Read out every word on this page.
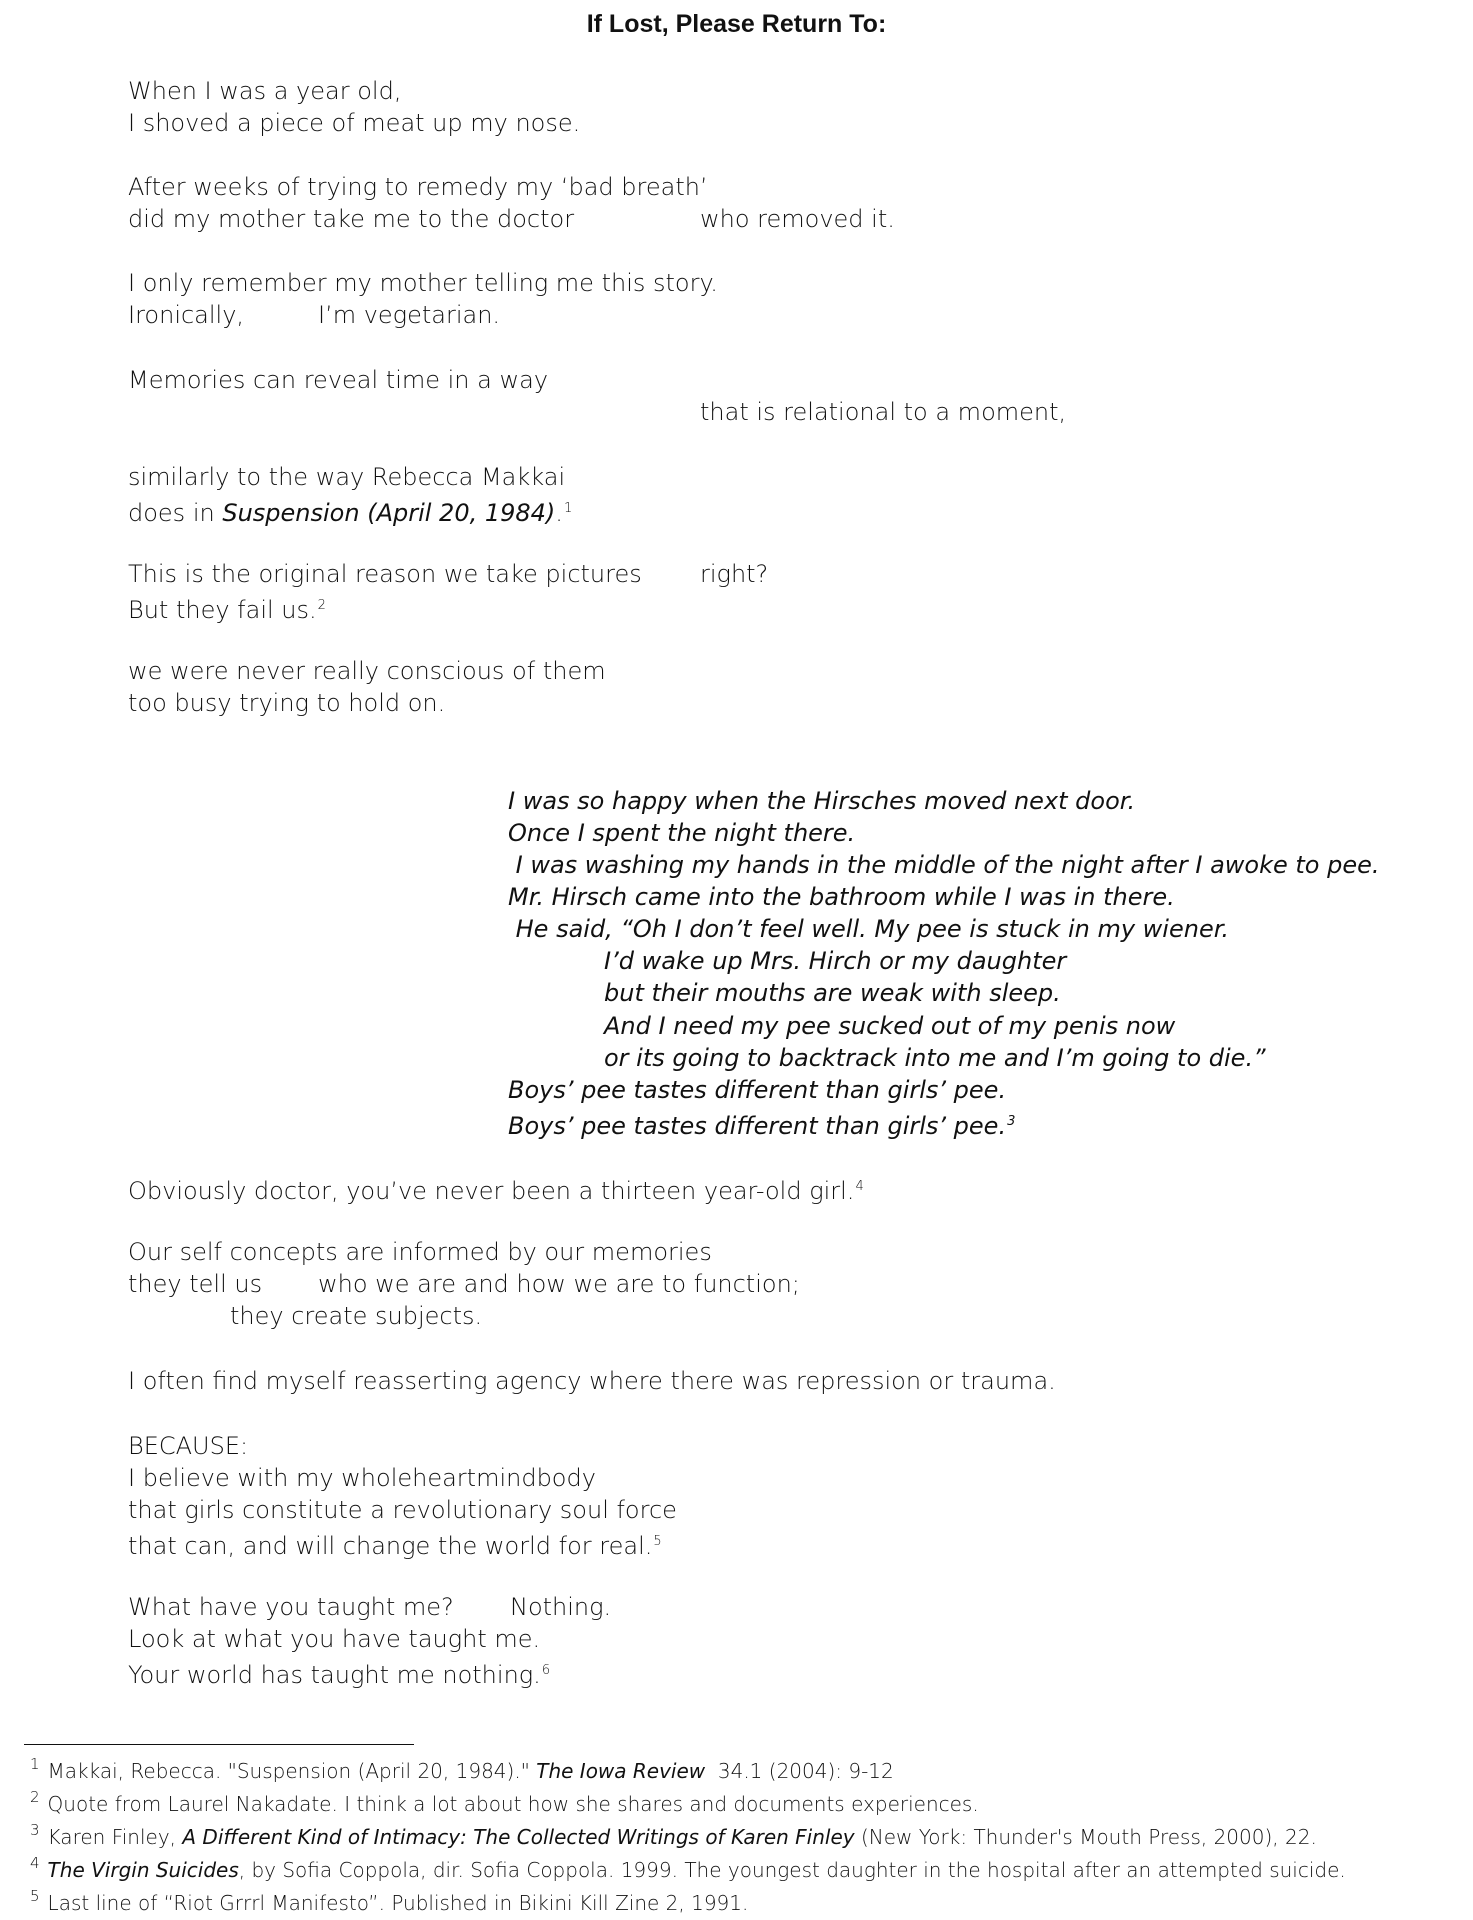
If Lost, Please Return To:
When I was a year old,
I shoved a piece of meat up my nose.
After weeks of trying to remedy my ‘bad breath’
did my mother take me to the doctor	who removed it.
I only remember my mother telling me this story.
Ironically,	I’m vegetarian.
Memories can reveal time in a way
that is relational to a moment,
similarly to the way Rebecca Makkai
does in Suspension (April 20, 1984).$^1$
This is the original reason we take pictures right?
But they fail us.$^2$
we were never really conscious of them
too busy trying to hold on.
I was so happy when the Hirsches moved next door.
Once I spent the night there.
I was washing my hands in the middle of the night after I awoke to pee.
Mr. Hirsch came into the bathroom while I was in there.
He said, “Oh I don’t feel well. My pee is stuck in my wiener.
I’d wake up Mrs. Hirch or my daughter
but their mouths are weak with sleep.
And I need my pee sucked out of my penis now
or its going to backtrack into me and I’m going to die.”
Boys’ pee tastes different than girls’ pee.
Boys’ pee tastes different than girls’ pee.$^3$
Obviously doctor, you’ve never been a thirteen year-old girl.$^4$
Our self concepts are informed by our memories
they tell us who we are and how we are to function;
they create subjects.
I often find myself reasserting agency where there was repression or trauma.
BECAUSE:
I believe with my wholeheartmindbody
that girls constitute a revolutionary soul force
that can, and will change the world for real.$^5$
What have you taught me? Nothing.
Look at what you have taught me.
Your world has taught me nothing.$^6$
$^1$ Makkai, Rebecca. "Suspension (April 20, 1984)." The Iowa Review  34.1 (2004): 9-12
$^2$ Quote from Laurel Nakadate. I think a lot about how she shares and documents experiences.
$^3$ Karen Finley, A Different Kind of Intimacy: The Collected Writings of Karen Finley (New York: Thunder's Mouth Press, 2000), 22.
$^4$ The Virgin Suicides, by Sofia Coppola, dir. Sofia Coppola. 1999. The youngest daughter in the hospital after an attempted suicide.
$^5$ Last line of “Riot Grrrl Manifesto”. Published in Bikini Kill Zine 2, 1991.
